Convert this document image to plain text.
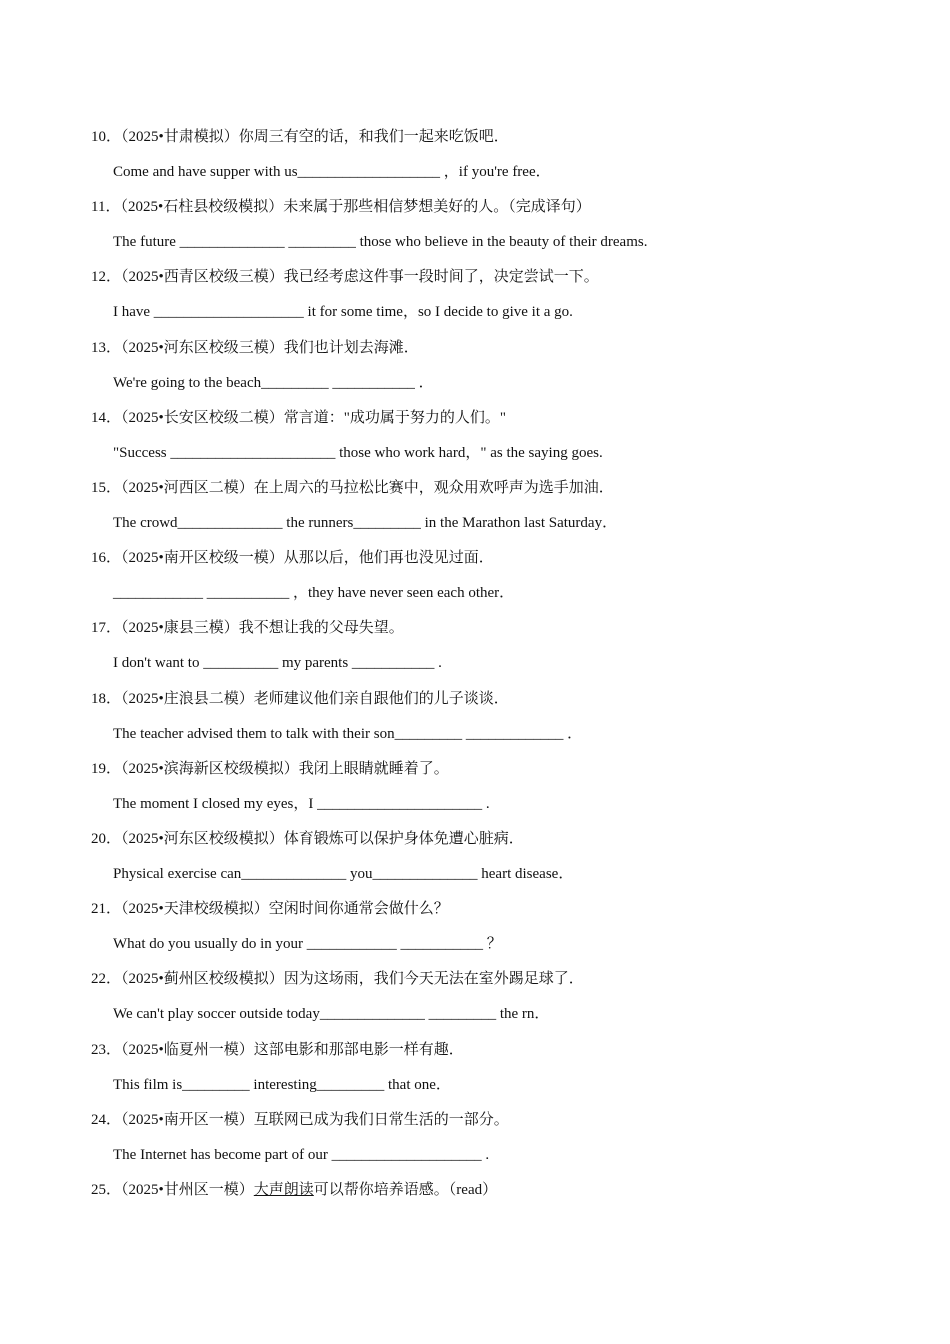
10．（2025•甘肃模拟）你周三有空的话，和我们一起来吃饭吧．
Come and have supper with us___________________ ，if you're free．
11．（2025•石柱县校级模拟）未来属于那些相信梦想美好的人。（完成译句）
The future ______________ _________ those who believe in the beauty of their dreams.
12．（2025•西青区校级三模）我已经考虑这件事一段时间了，决定尝试一下。
I have ____________________ it for some time，so I decide to give it a go.
13．（2025•河东区校级三模）我们也计划去海滩．
We're going to the beach_________ ___________ ．
14．（2025•长安区校级二模）常言道："成功属于努力的人们。"
"Success ______________________ those who work hard，" as the saying goes.
15．（2025•河西区二模）在上周六的马拉松比赛中，观众用欢呼声为选手加油．
The crowd______________ the runners_________ in the Marathon last Saturday．
16．（2025•南开区校级一模）从那以后，他们再也没见过面．
____________ ___________ ，they have never seen each other．
17．（2025•康县三模）我不想让我的父母失望。
I don't want to __________ my parents ___________ .
18．（2025•庄浪县二模）老师建议他们亲自跟他们的儿子谈谈．
The teacher advised them to talk with their son_________ _____________ ．
19．（2025•滨海新区校级模拟）我闭上眼睛就睡着了。
The moment I closed my eyes，I ______________________ .
20．（2025•河东区校级模拟）体育锻炼可以保护身体免遭心脏病．
Physical exercise can______________ you______________ heart disease．
21．（2025•天津校级模拟）空闲时间你通常会做什么？
What do you usually do in your ____________ ___________ ？
22．（2025•蓟州区校级模拟）因为这场雨，我们今天无法在室外踢足球了．
We can't play soccer outside today______________ _________ the rn．
23．（2025•临夏州一模）这部电影和那部电影一样有趣．
This film is_________ interesting_________ that one．
24．（2025•南开区一模）互联网已成为我们日常生活的一部分。
The Internet has become part of our ____________________ .
25．（2025•甘州区一模）大声朗读可以帮你培养语感。（read）
